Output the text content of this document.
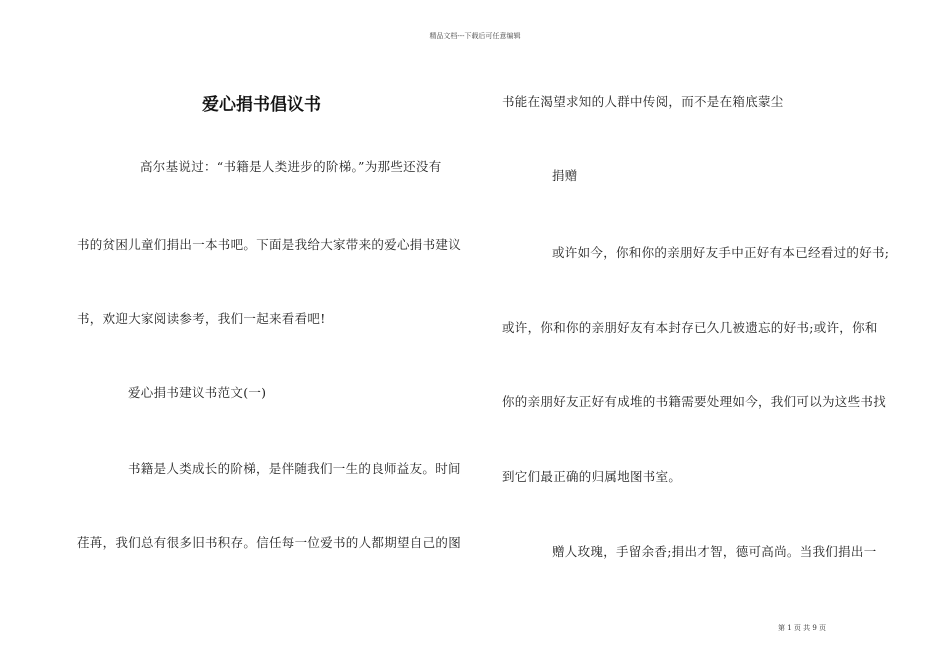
精品文档---下载后可任意编辑
爱心捐书倡议书
高尔基说过：“书籍是人类进步的阶梯。”为那些还没有
书的贫困儿童们捐出一本书吧。下面是我给大家带来的爱心捐书建议
书，欢迎大家阅读参考，我们一起来看看吧!
爱心捐书建议书范文(一)
书籍是人类成长的阶梯，是伴随我们一生的良师益友。时间
荏苒，我们总有很多旧书积存。信任每一位爱书的人都期望自己的图
书能在渴望求知的人群中传阅，而不是在箱底蒙尘
捐赠
或许如今，你和你的亲朋好友手中正好有本已经看过的好书;
或许，你和你的亲朋好友有本封存已久几被遗忘的好书;或许，你和
你的亲朋好友正好有成堆的书籍需要处理如今，我们可以为这些书找
到它们最正确的归属地图书室。
赠人玫瑰，手留余香;捐出才智，德可高尚。当我们捐出一
第 1 页 共 9 页
